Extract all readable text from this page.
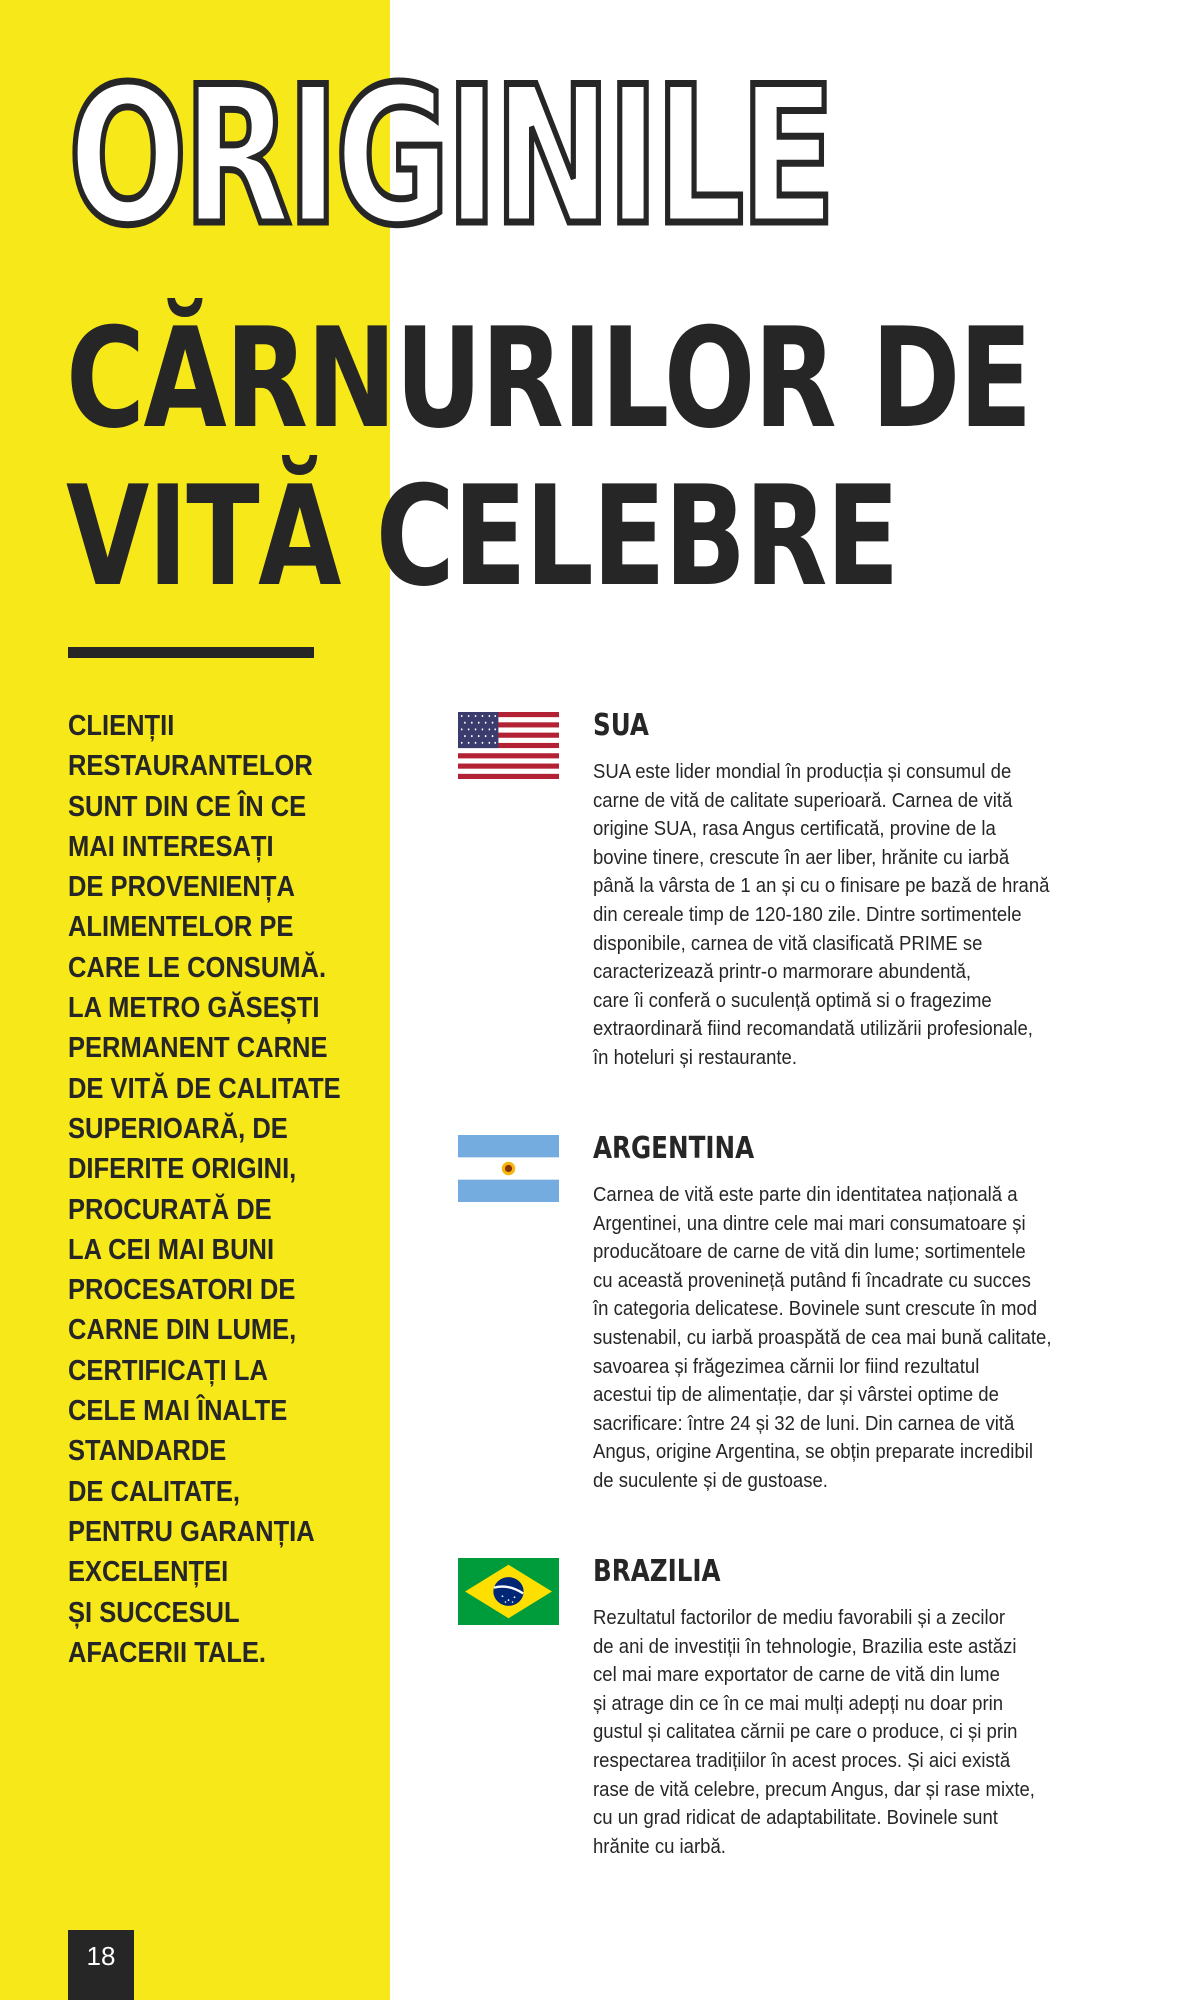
ORIGINILE
CĂRNURILOR DE
VITĂ CELEBRE

CLIENȚII
RESTAURANTELOR
SUNT DIN CE ÎN CE
MAI INTERESAȚI
DE PROVENIENȚA
ALIMENTELOR PE
CARE LE CONSUMĂ.
LA METRO GĂSEȘTI
PERMANENT CARNE
DE VITĂ DE CALITATE
SUPERIOARĂ, DE
DIFERITE ORIGINI,
PROCURATĂ DE
LA CEI MAI BUNI
PROCESATORI DE
CARNE DIN LUME,
CERTIFICAȚI LA
CELE MAI ÎNALTE
STANDARDE
DE CALITATE,
PENTRU GARANȚIA
EXCELENȚEI
ȘI SUCCESUL
AFACERII TALE.

SUA

SUA este lider mondial în producția și consumul de
carne de vită de calitate superioară. Carnea de vită
origine SUA, rasa Angus certificată, provine de la
bovine tinere, crescute în aer liber, hrănite cu iarbă
până la vârsta de 1 an și cu o finisare pe bază de hrană
din cereale timp de 120-180 zile. Dintre sortimentele
disponibile, carnea de vită clasificată PRIME se
caracterizează printr-o marmorare abundentă,
care îi conferă o suculență optimă si o fragezime
extraordinară fiind recomandată utilizării profesionale,
în hoteluri și restaurante.

ARGENTINA

Carnea de vită este parte din identitatea națională a
Argentinei, una dintre cele mai mari consumatoare și
producătoare de carne de vită din lume; sortimentele
cu această provenineță putând fi încadrate cu succes
în categoria delicatese. Bovinele sunt crescute în mod
sustenabil, cu iarbă proaspătă de cea mai bună calitate,
savoarea și frăgezimea cărnii lor fiind rezultatul
acestui tip de alimentație, dar și vârstei optime de
sacrificare: între 24 și 32 de luni. Din carnea de vită
Angus, origine Argentina, se obțin preparate incredibil
de suculente și de gustoase.

BRAZILIA

Rezultatul factorilor de mediu favorabili și a zecilor
de ani de investiții în tehnologie, Brazilia este astăzi
cel mai mare exportator de carne de vită din lume
și atrage din ce în ce mai mulți adepți nu doar prin
gustul și calitatea cărnii pe care o produce, ci și prin
respectarea tradițiilor în acest proces. Și aici există
rase de vită celebre, precum Angus, dar și rase mixte,
cu un grad ridicat de adaptabilitate. Bovinele sunt
hrănite cu iarbă.

18
